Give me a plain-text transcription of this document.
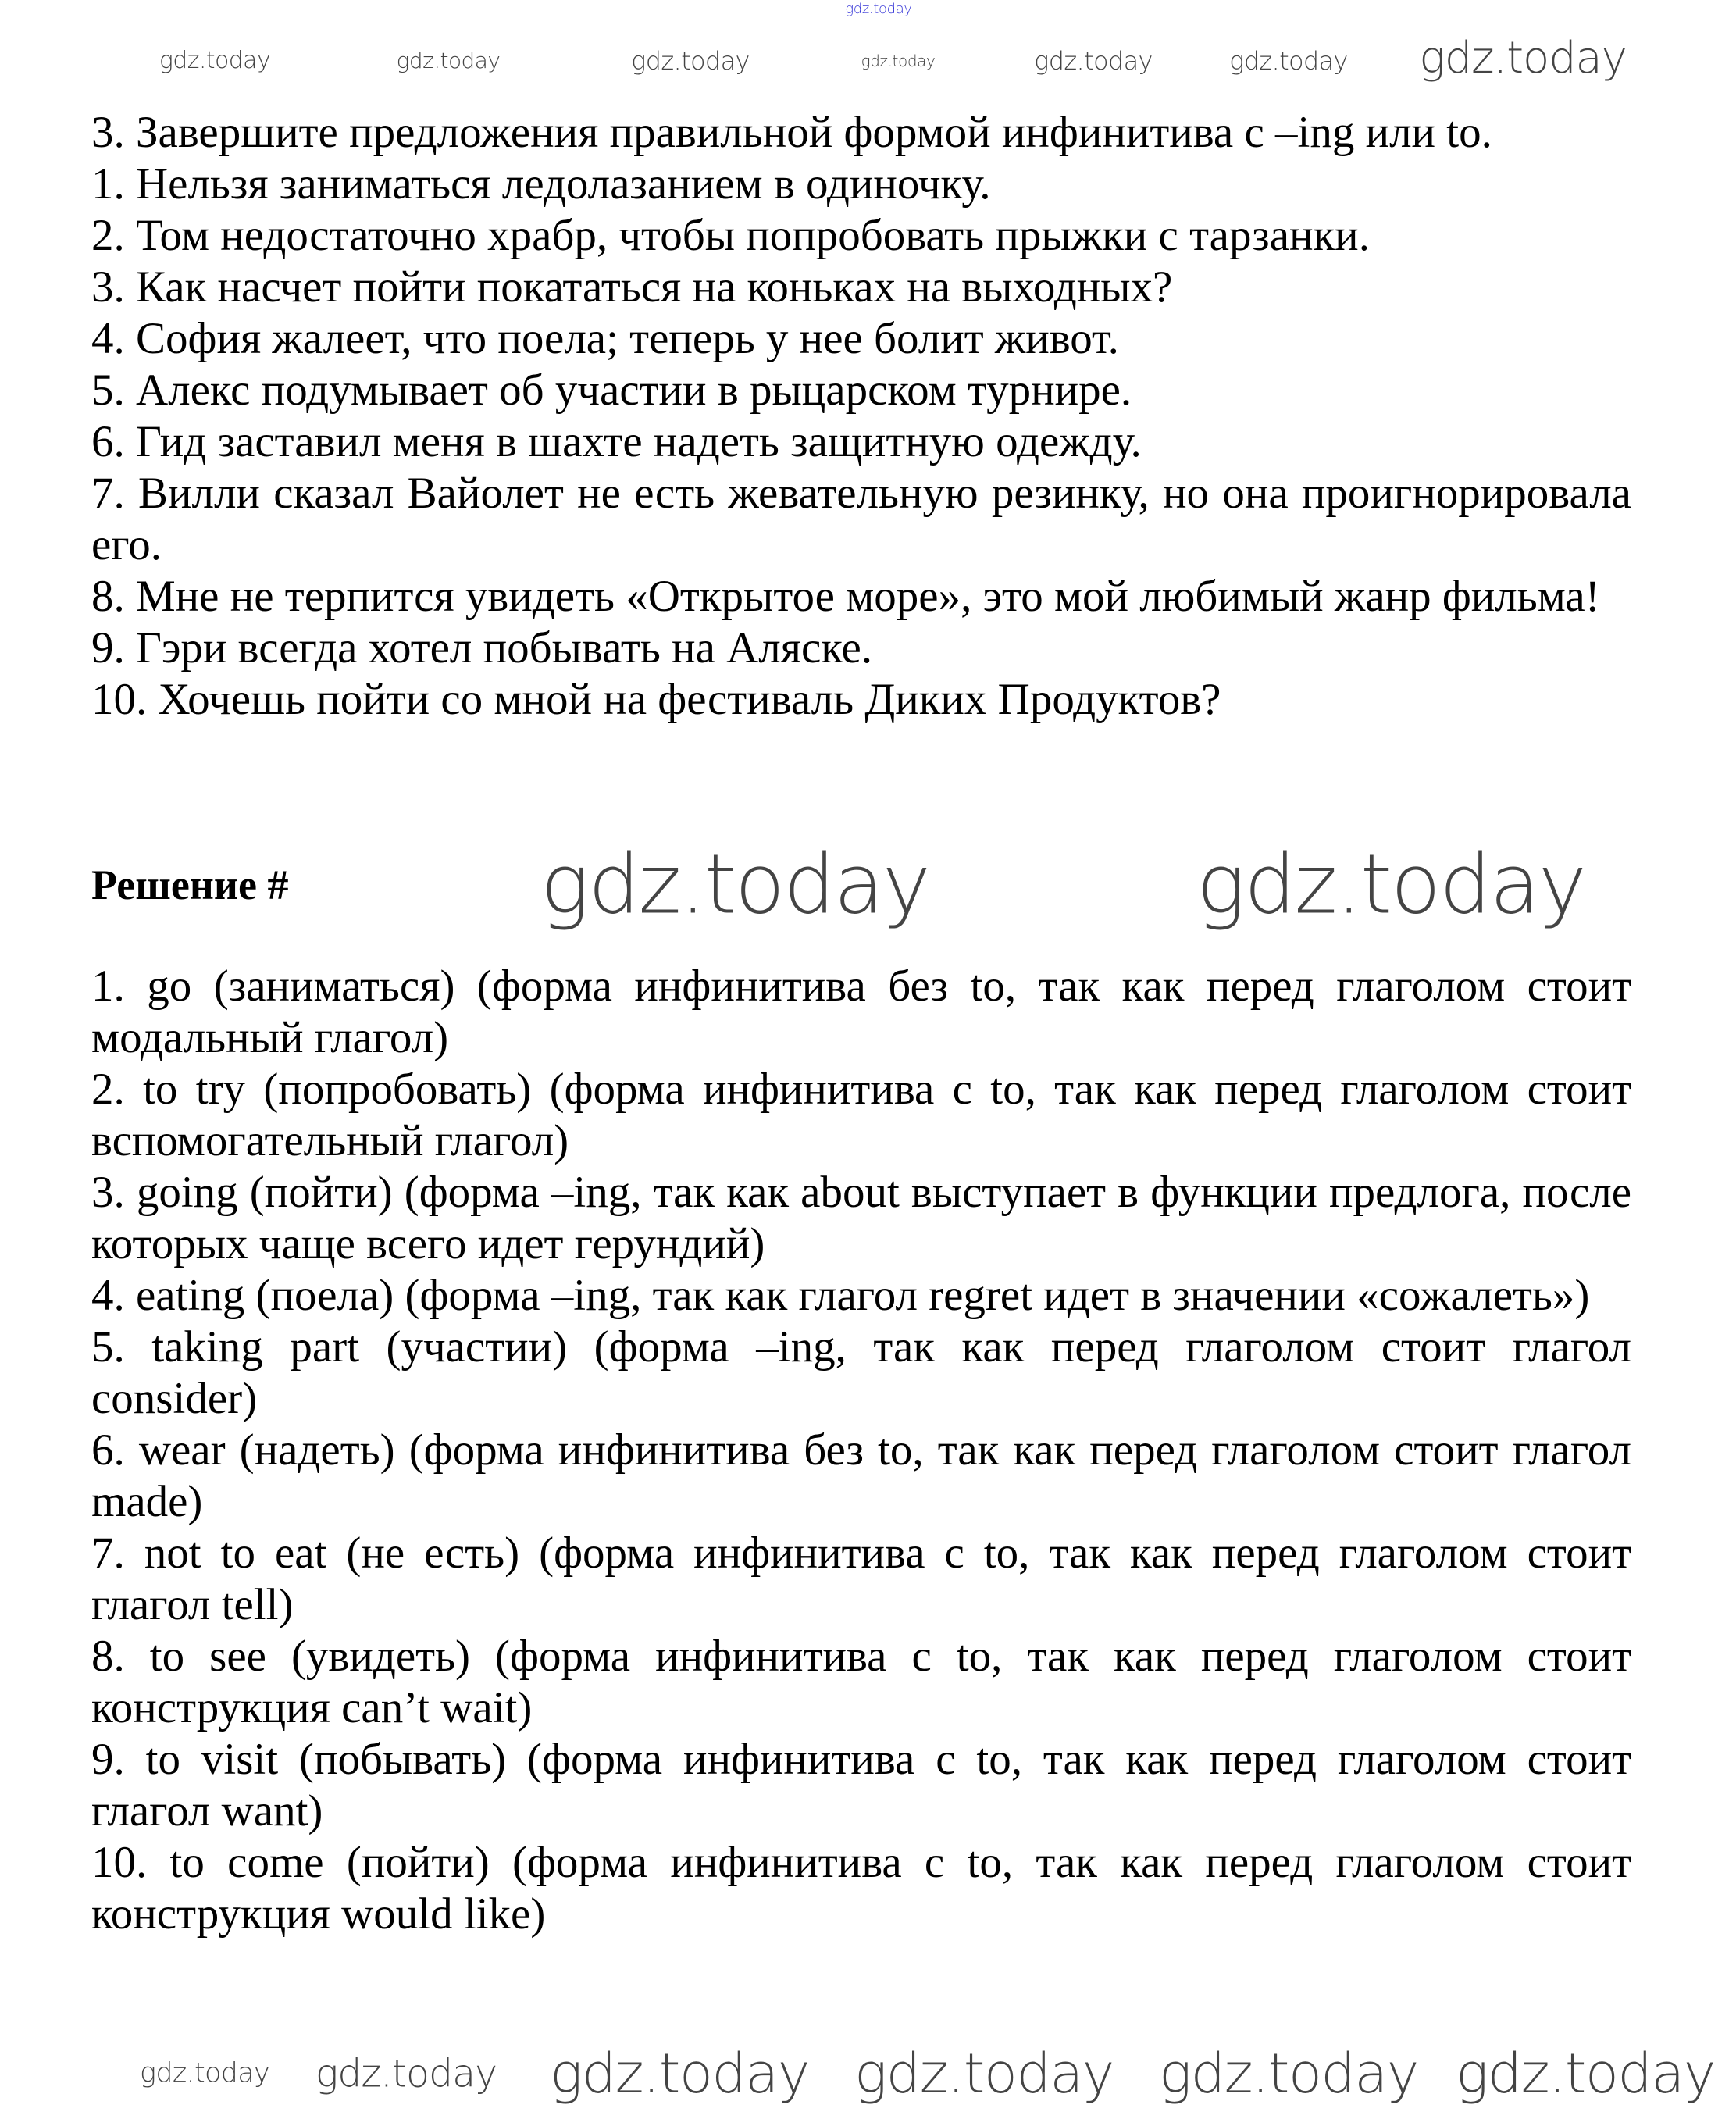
3. Завершите предложения правильной формой инфинитива с –ing или to.

1. Нельзя заниматься ледолазанием в одиночку.

2. Том недостаточно храбр, чтобы попробовать прыжки с тарзанки.

3. Как насчет пойти покататься на коньках на выходных?

4. София жалеет, что поела; теперь у нее болит живот.

5. Алекс подумывает об участии в рыцарском турнире.

6. Гид заставил меня в шахте надеть защитную одежду.

7. Вилли сказал Вайолет не есть жевательную резинку, но она проигнорировала его.

8. Мне не терпится увидеть «Открытое море», это мой любимый жанр фильма!

9. Гэри всегда хотел побывать на Аляске.

10. Хочешь пойти со мной на фестиваль Диких Продуктов?

Решение #

1. go (заниматься) (форма инфинитива без to, так как перед глаголом стоит модальный глагол)

2. to try (попробовать) (форма инфинитива с to, так как перед глаголом стоит вспомогательный глагол)

3. going (пойти) (форма –ing, так как about выступает в функции предлога, после которых чаще всего идет герундий)

4. eating (поела) (форма –ing, так как глагол regret идет в значении «сожалеть»)

5. taking part (участии) (форма –ing, так как перед глаголом стоит глагол consider)

6. wear (надеть) (форма инфинитива без to, так как перед глаголом стоит глагол made)

7. not to eat (не есть) (форма инфинитива с to, так как перед глаголом стоит глагол tell)

8. to see (увидеть) (форма инфинитива с to, так как перед глаголом стоит конструкция can’t wait)

9. to visit (побывать) (форма инфинитива с to, так как перед глаголом стоит глагол want)

10. to come (пойти) (форма инфинитива с to, так как перед глаголом стоит конструкция would like)

gdz.today
gdz.today	gdz.today	gdz.today	gdz.today	gdz.today	gdz.today gdz.today
gdz.today	gdz.today
gdz.today gdz.today gdz.today gdz.today gdz.today gdz.today
